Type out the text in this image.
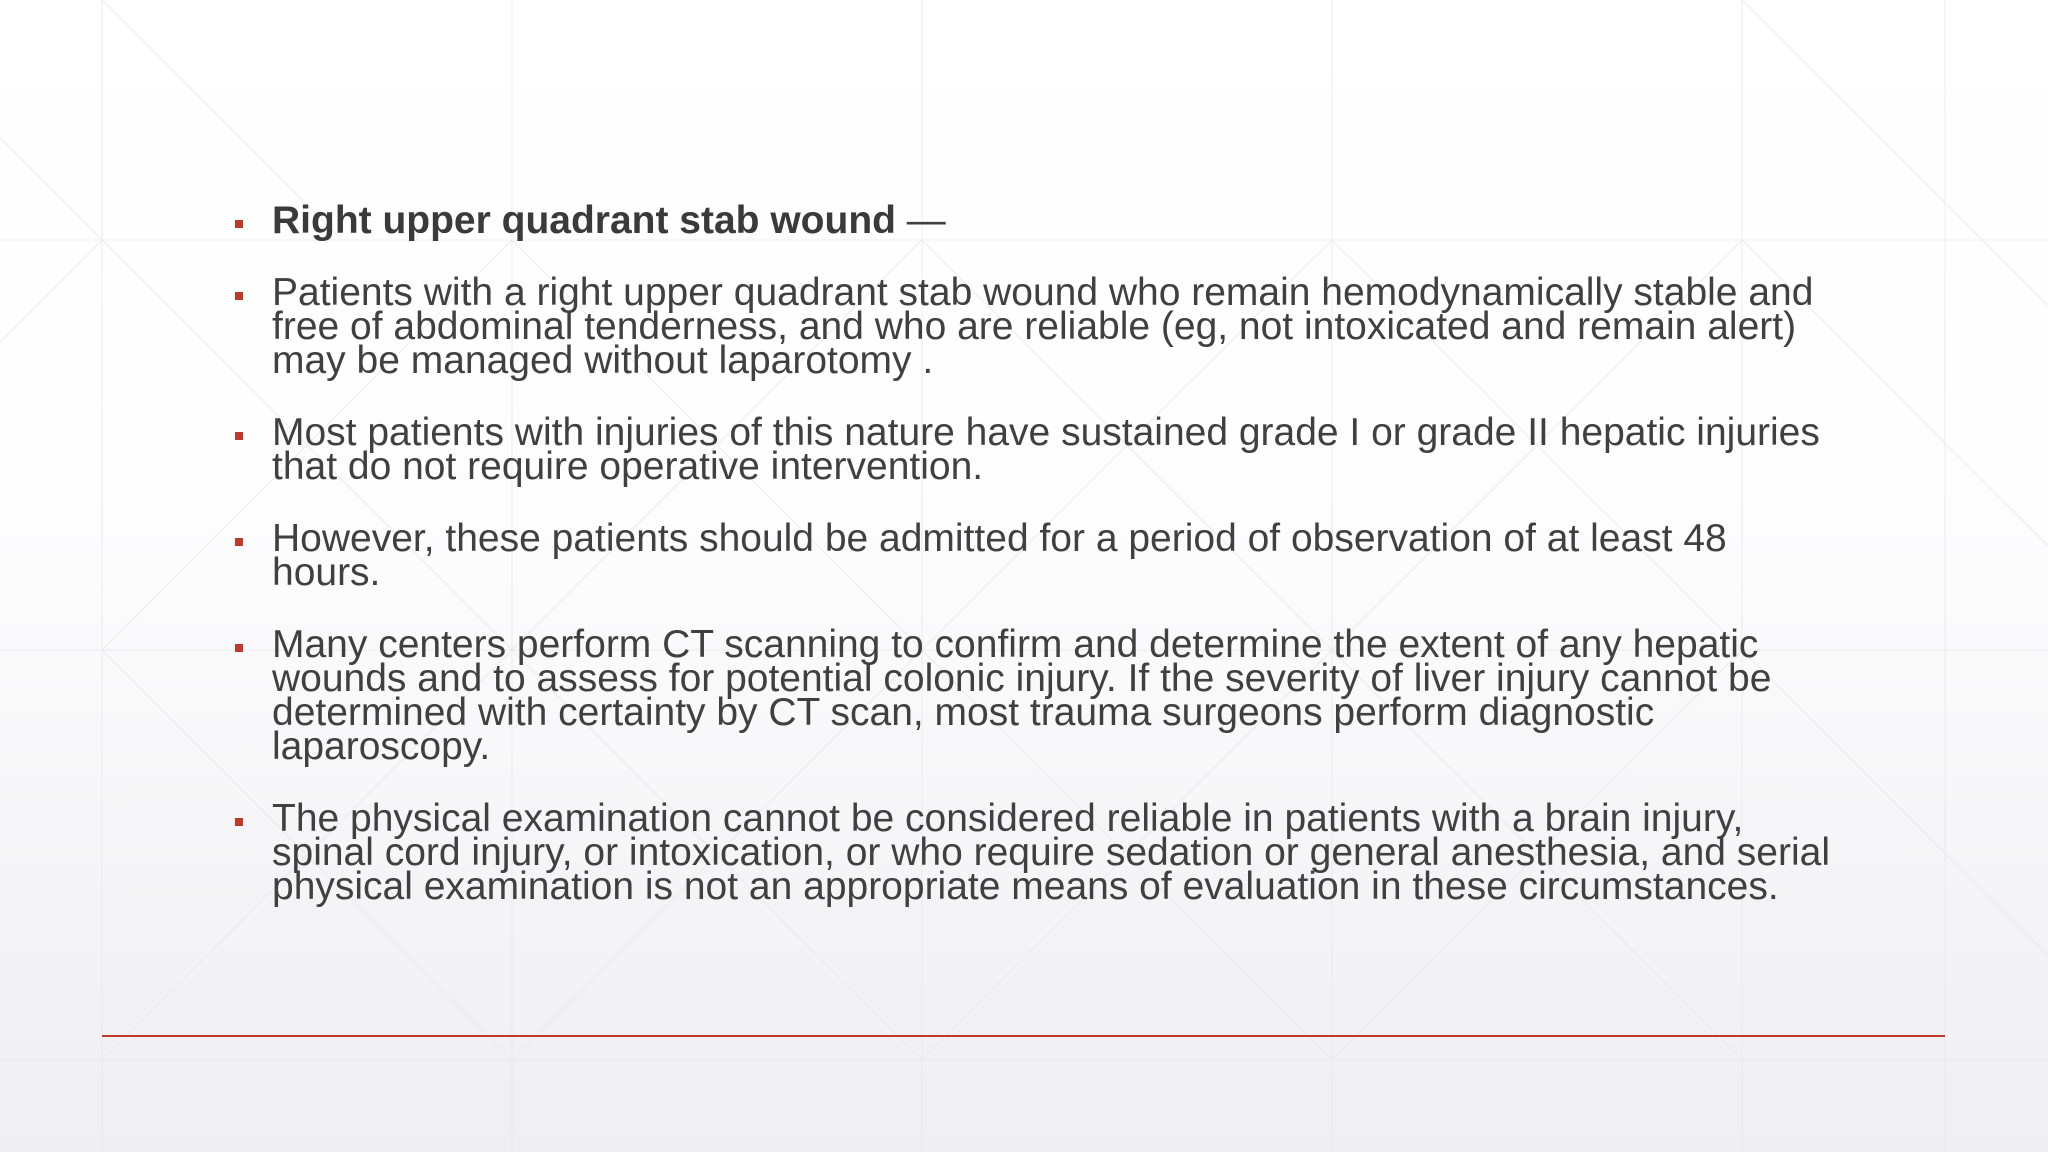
Right upper quadrant stab wound —
Patients with a right upper quadrant stab wound who remain hemodynamically stable and free of abdominal tenderness, and who are reliable (eg, not intoxicated and remain alert) may be managed without laparotomy .
Most patients with injuries of this nature have sustained grade I or grade II hepatic injuries that do not require operative intervention.
However, these patients should be admitted for a period of observation of at least 48 hours.
Many centers perform CT scanning to confirm and determine the extent of any hepatic wounds and to assess for potential colonic injury. If the severity of liver injury cannot be determined with certainty by CT scan, most trauma surgeons perform diagnostic laparoscopy.
The physical examination cannot be considered reliable in patients with a brain injury, spinal cord injury, or intoxication, or who require sedation or general anesthesia, and serial physical examination is not an appropriate means of evaluation in these circumstances.
